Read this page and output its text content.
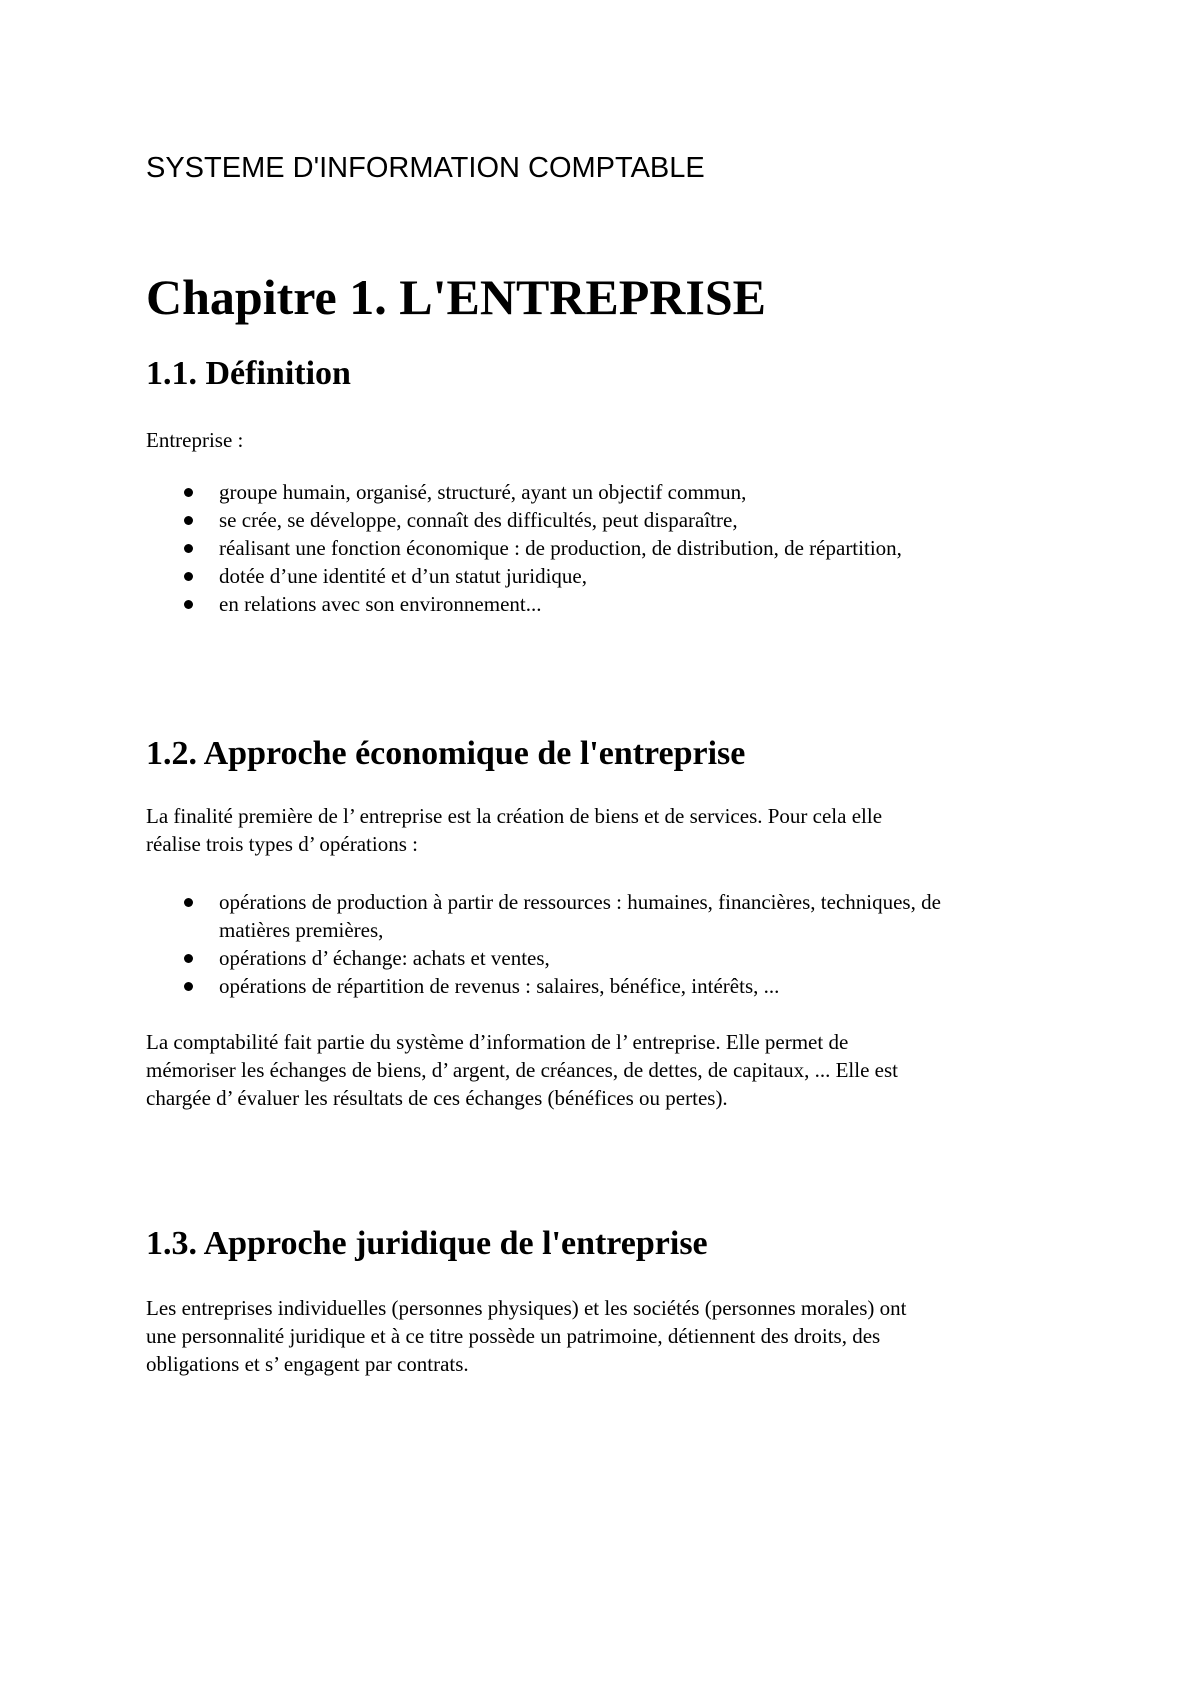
SYSTEME D'INFORMATION COMPTABLE

Chapitre 1. L'ENTREPRISE
1.1. Définition

Entreprise :

groupe humain, organisé, structuré, ayant un objectif commun,
se crée, se développe, connaît des difficultés, peut disparaître,
réalisant une fonction économique : de production, de distribution, de répartition,
dotée d’une identité et d’un statut juridique,
en relations avec son environnement...
1.2. Approche économique de l'entreprise

La finalité première de l’ entreprise est la création de biens et de services. Pour cela elle
réalise trois types d’ opérations :

opérations de production à partir de ressources : humaines, financières, techniques, de
matières premières,
opérations d’ échange: achats et ventes,
opérations de répartition de revenus : salaires, bénéfice, intérêts, ...

La comptabilité fait partie du système d’information de l’ entreprise. Elle permet de
mémoriser les échanges de biens, d’ argent, de créances, de dettes, de capitaux, ... Elle est
chargée d’ évaluer les résultats de ces échanges (bénéfices ou pertes).

1.3. Approche juridique de l'entreprise

Les entreprises individuelles (personnes physiques) et les sociétés (personnes morales) ont
une personnalité juridique et à ce titre possède un patrimoine, détiennent des droits, des
obligations et s’ engagent par contrats.
